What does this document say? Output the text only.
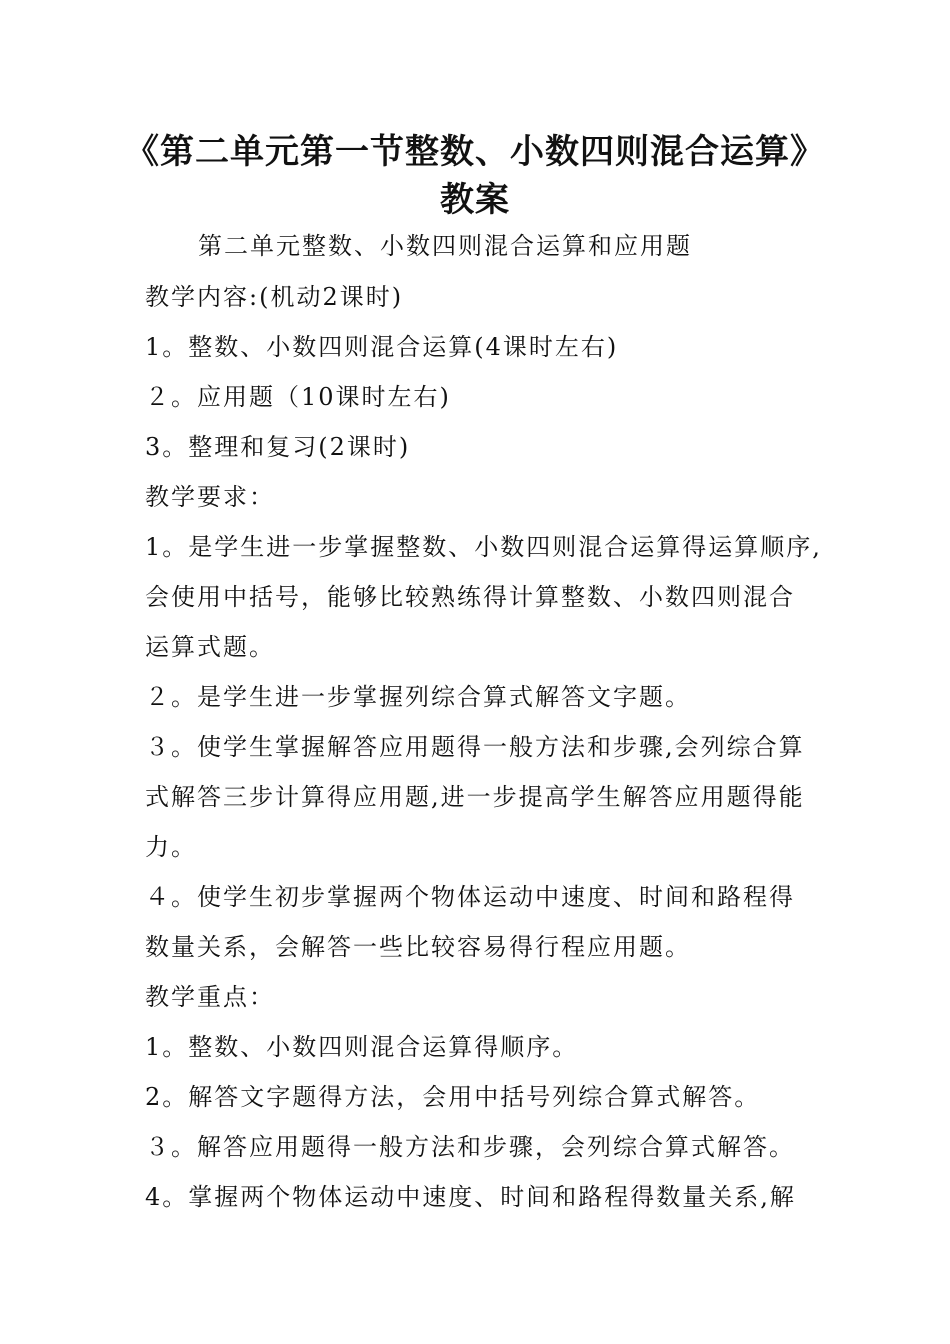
《第二单元第一节整数、小数四则混合运算》
教案
第二单元整数、小数四则混合运算和应用题
教学内容:(机动2课时)
1。整数、小数四则混合运算(4课时左右)
２。应用题（10课时左右)
3。整理和复习(2课时)
教学要求：
1。是学生进一步掌握整数、小数四则混合运算得运算顺序,
会使用中括号，能够比较熟练得计算整数、小数四则混合
运算式题。
２。是学生进一步掌握列综合算式解答文字题。
３。使学生掌握解答应用题得一般方法和步骤,会列综合算
式解答三步计算得应用题,进一步提高学生解答应用题得能
力。
４。使学生初步掌握两个物体运动中速度、时间和路程得
数量关系，会解答一些比较容易得行程应用题。
教学重点：
1。整数、小数四则混合运算得顺序。
2。解答文字题得方法，会用中括号列综合算式解答。
３。解答应用题得一般方法和步骤，会列综合算式解答。
4。掌握两个物体运动中速度、时间和路程得数量关系,解
